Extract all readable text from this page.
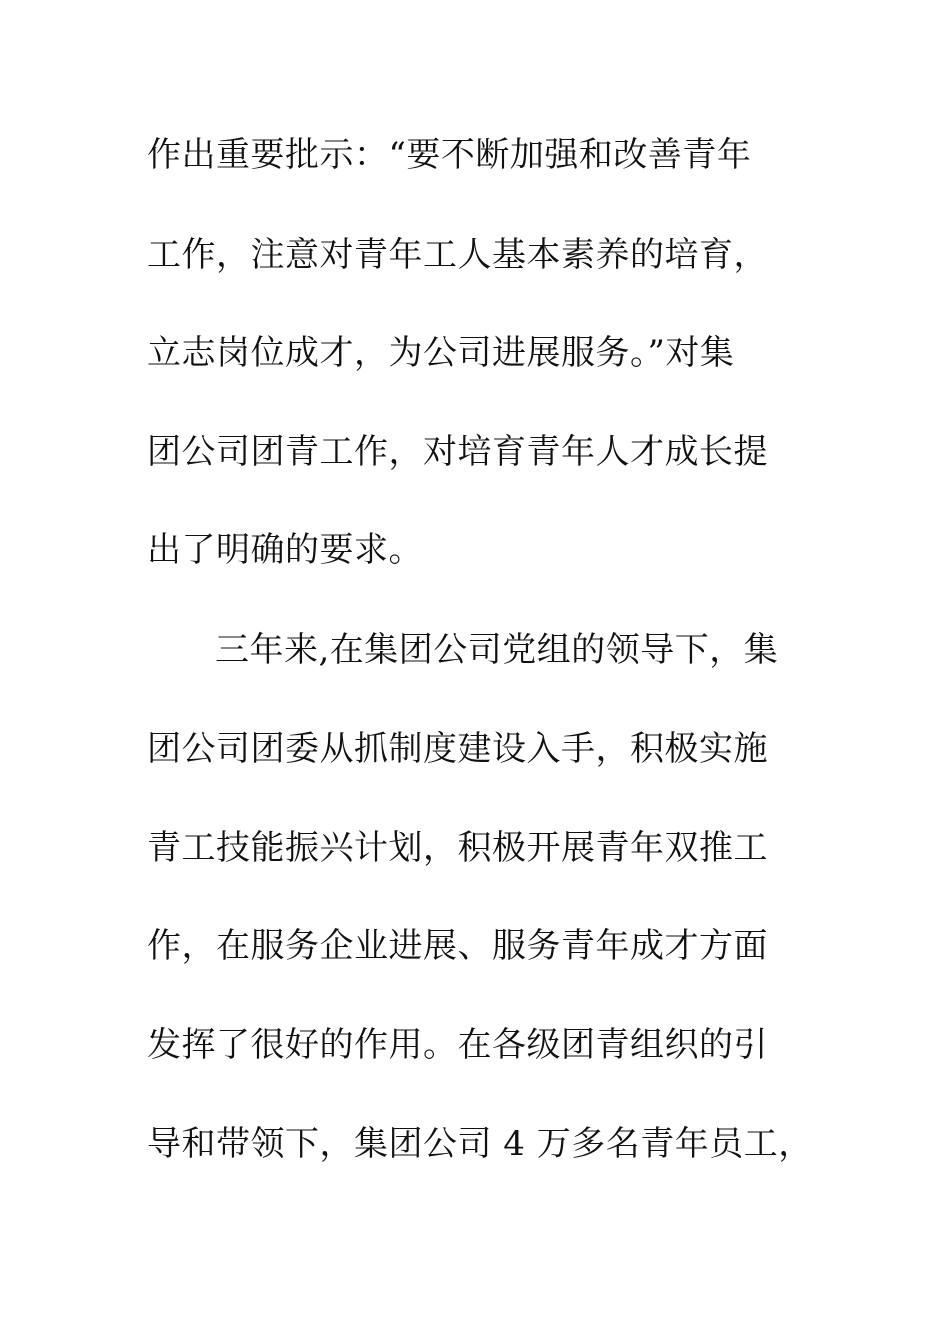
作出重要批示：“要不断加强和改善青年

工作，注意对青年工人基本素养的培育，

立志岗位成才，为公司进展服务。”对集

团公司团青工作，对培育青年人才成长提

出了明确的要求。

三年来,在集团公司党组的领导下，集

团公司团委从抓制度建设入手，积极实施

青工技能振兴计划，积极开展青年双推工

作，在服务企业进展、服务青年成才方面

发挥了很好的作用。在各级团青组织的引

导和带领下，集团公司 4 万多名青年员工，
